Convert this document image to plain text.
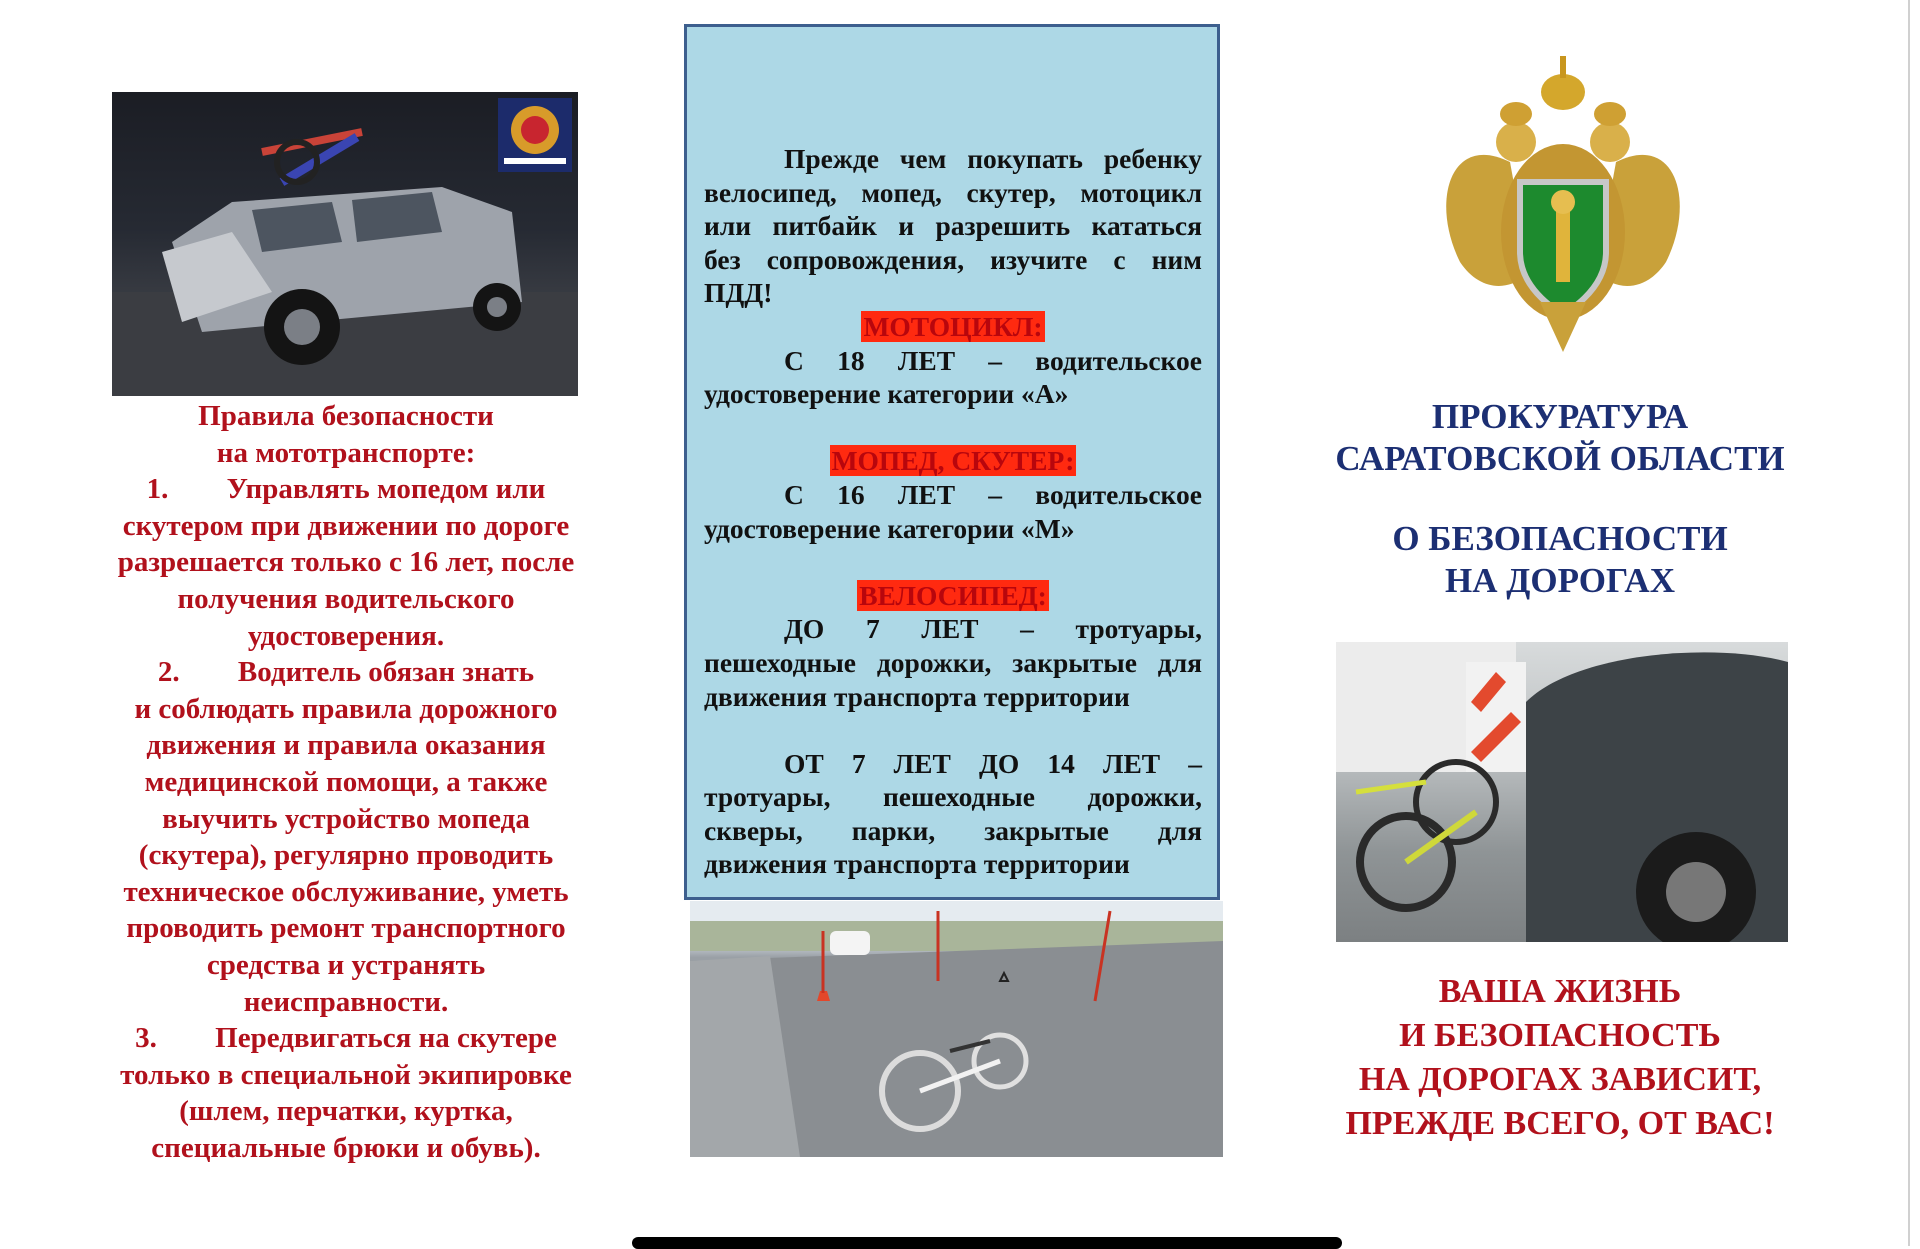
Правила безопасности

на мототранспорте:

1. Управлять мопедом или

скутером при движении по дороге

разрешается только с 16 лет, после

получения водительского

удостоверения.

2. Водитель обязан знать

и соблюдать правила дорожного

движения и правила оказания

медицинской помощи, а также

выучить устройство мопеда

(скутера), регулярно проводить

техническое обслуживание, уметь

проводить ремонт транспортного

средства и устранять

неисправности.

3. Передвигаться на скутере

только в специальной экипировке

(шлем, перчатки, куртка,

специальные брюки и обувь).

Прежде чем покупать ребенку

велосипед, мопед, скутер, мотоцикл

или питбайк и разрешить кататься

без сопровождения, изучите с ним

ПДД!

МОТОЦИКЛ:

С 18 ЛЕТ – водительское

удостоверение категории «А»

МОПЕД, СКУТЕР:

С 16 ЛЕТ – водительское

удостоверение категории «М»

ВЕЛОСИПЕД:

ДО 7 ЛЕТ – тротуары,

пешеходные дорожки, закрытые для

движения транспорта территории

ОТ 7 ЛЕТ ДО 14 ЛЕТ –

тротуары, пешеходные дорожки,

скверы, парки, закрытые для

движения транспорта территории

ПРОКУРАТУРА

САРАТОВСКОЙ ОБЛАСТИ

О БЕЗОПАСНОСТИ

НА ДОРОГАХ

ВАША ЖИЗНЬ

И БЕЗОПАСНОСТЬ

НА ДОРОГАХ ЗАВИСИТ,

ПРЕЖДЕ ВСЕГО, ОТ ВАС!
